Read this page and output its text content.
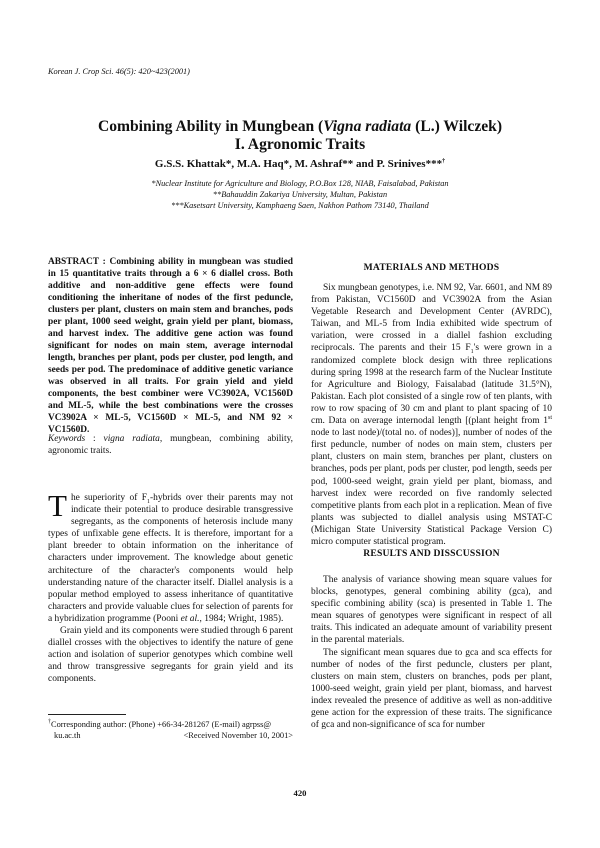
Korean J. Crop Sci. 46(5): 420~423(2001)
Combining Ability in Mungbean (Vigna radiata (L.) Wilczek)
I. Agronomic Traits
G.S.S. Khattak*, M.A. Haq*, M. Ashraf** and P. Srinives***†
*Nuclear Institute for Agriculture and Biology, P.O.Box 128, NIAB, Faisalabad, Pakistan
**Bahauddin Zakariya University, Multan, Pakistan
***Kasetsart University, Kamphaeng Saen, Nakhon Pathom 73140, Thailand
ABSTRACT : Combining ability in mungbean was studied in 15 quantitative traits through a 6 × 6 diallel cross. Both additive and non-additive gene effects were found conditioning the inheritane of nodes of the first peduncle, clusters per plant, clusters on main stem and branches, pods per plant, 1000 seed weight, grain yield per plant, biomass, and harvest index. The additive gene action was found significant for nodes on main stem, average internodal length, branches per plant, pods per cluster, pod length, and seeds per pod. The predominace of additive genetic variance was observed in all traits. For grain yield and yield components, the best combiner were VC3902A, VC1560D and ML-5, while the best combinations were the crosses VC3902A × ML-5, VC1560D × ML-5, and NM 92 × VC1560D.
Keywords : vigna radiata, mungbean, combining ability, agronomic traits.

The superiority of $F_1$-hybrids over their parents may not indicate their potential to produce desirable transgressive segregants, as the components of heterosis include many types of unfixable gene effects. It is therefore, important for a plant breeder to obtain information on the inheritance of characters under improvement. The knowledge about genetic architecture of the character's components would help understanding nature of the character itself. Diallel analysis is a popular method employed to assess inheritance of quantitative characters and provide valuable clues for selection of parents for a hybridization programme (Pooni et al., 1984; Wright, 1985).

Grain yield and its components were studied through 6 parent diallel crosses with the objectives to identify the nature of gene action and isolation of superior genotypes which combine well and throw transgressive segregants for grain yield and its components.

†Corresponding author: (Phone) +66-34-281267 (E-mail) agrpss@
ku.ac.th	<Received November 10, 2001>
MATERIALS AND METHODS

Six mungbean genotypes, i.e. NM 92, Var. 6601, and NM 89 from Pakistan, VC1560D and VC3902A from the Asian Vegetable Research and Development Center (AVRDC), Taiwan, and ML-5 from India exhibited wide spectrum of variation, were crossed in a diallel fashion excluding reciprocals. The parents and their 15 $F_1's$ were grown in a randomized complete block design with three replications during spring 1998 at the research farm of the Nuclear Institute for Agriculture and Biology, Faisalabad (latitude 31.5°N), Pakistan. Each plot consisted of a single row of ten plants, with row to row spacing of 30 cm and plant to plant spacing of 10 cm. Data on average internodal length [(plant height from 1st node to last node)/(total no. of nodes)], number of nodes of the first peduncle, number of nodes on main stem, clusters per plant, clusters on main stem, branches per plant, clusters on branches, pods per plant, pods per cluster, pod length, seeds per pod, 1000-seed weight, grain yield per plant, biomass, and harvest index were recorded on five randomly selected competitive plants from each plot in a replication. Mean of five plants was subjected to diallel analysis using MSTAT-C (Michigan State University Statistical Package Version C) micro computer statistical program.

RESULTS AND DISSCUSSION

The analysis of variance showing mean square values for blocks, genotypes, general combining ability (gca), and specific combining ability (sca) is presented in Table 1. The mean squares of genotypes were significant in respect of all traits. This indicated an adequate amount of variability present in the parental materials.

The significant mean squares due to gca and sca effects for number of nodes of the first peduncle, clusters per plant, clusters on main stem, clusters on branches, pods per plant, 1000-seed weight, grain yield per plant, biomass, and harvest index revealed the presence of additive as well as non-additive gene action for the expression of these traits. The significance of gca and non-significance of sca for number

420
